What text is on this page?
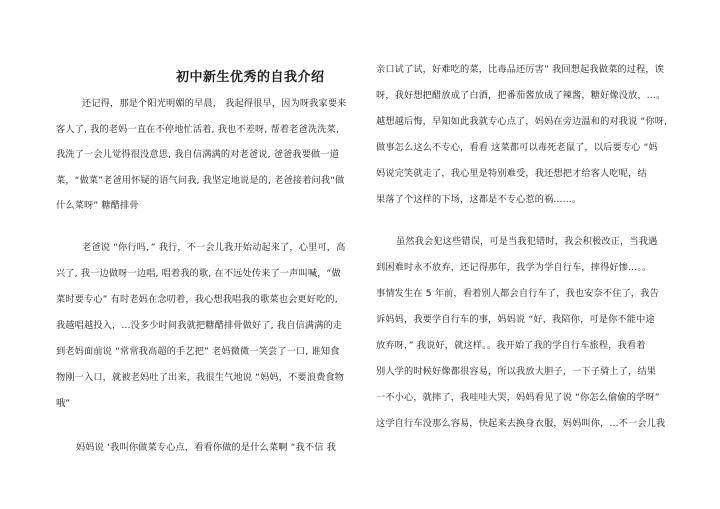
初中新生优秀的自我介绍
还记得，那是个阳光明媚的早晨， 我起得很早，因为呀我家要来
客人了, 我的老妈一直在不停地忙活着, 我也不差呀, 帮着老爸洗洗菜,
我洗了一会儿觉得很没意思, 我自信满满的对老爸说, 爸爸我要做一道
菜，“做菜”老爸用怀疑的语气问我, 我坚定地说是的, 老爸接着问我“做
什么菜呀” 糖醋排骨
老爸说 “你行吗，” 我行，不一会儿我开始动起来了，心里可，高
兴了, 我一边做呀一边唱, 唱着我的歌, 在不远处传来了一声叫喊，“做
菜时要专心” 有时老妈在念叨着，我心想我唱我的歌菜也会更好吃的,
我越唱越投入，...没多少时间我就把糖醋排骨做好了, 我自信满满的走
到老妈面前说 “常常我高超的手艺把” 老妈微微一笑尝了一口, 谁知食
物刚一入口，就被老妈吐了出来，我很生气地说 “妈妈，不要浪费食物
哦”
妈妈说 ‘我叫你做菜专心点，看看你做的是什么菜啊 “我不信 我
亲口试了试，好难吃的菜，比毒品还厉害” 我回想起我做菜的过程，诶
呀，我好想把醋放成了白酒，把番茄酱放成了辣酱，糖好像没放，...。
越想越后悔，早知如此我就专心点了，妈妈在旁边温和的对我说 “你呀,
做事怎么这么不专心，看看 这菜都可以毒死老鼠了，以后要专心 “妈
妈说完笑就走了，我心里是特别难受，我还想把才给客人吃呢，结
果落了个这样的下场，这都是不专心惹的祸......。
虽然我会犯这些错误，可是当我犯错时，我会积极改正，当我遇
到困难时永不放弃，还记得那年，我学为学自行车，摔得好惨...。。
事情发生在 5 年前，看着别人都会自行车了，我也安奈不住了，我告
诉妈妈，我要学自行车的事，妈妈说 “好，我陪你，可是你不能中途
放弃呀，” 我说好，就这样。。我开始了我的学自行车旅程，我看着
别人学的时候好像都很容易，所以我放大胆子，一下子骑上了，结果
一不小心，就摔了，我哇哇大哭，妈妈看见了说 “你怎么偷偷的学呀”
这学自行车没那么容易，快起来去换身衣服，妈妈叫你，...不一会儿我
